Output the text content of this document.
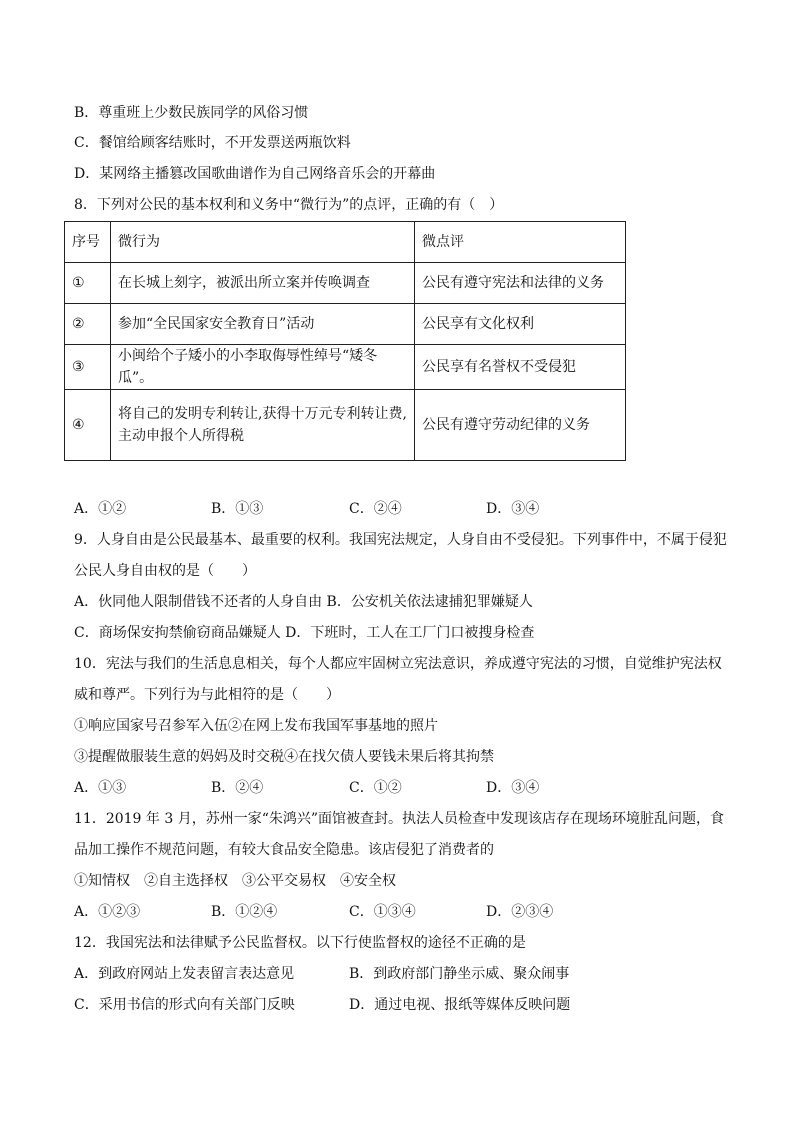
B．尊重班上少数民族同学的风俗习惯
C．餐馆给顾客结账时，不开发票送两瓶饮料
D．某网络主播篡改国歌曲谱作为自己网络音乐会的开幕曲
8．下列对公民的基本权利和义务中“微行为”的点评，正确的有（　）
序号	微行为	微点评
①	在长城上刻字，被派出所立案并传唤调查	公民有遵守宪法和法律的义务
②	参加“全民国家安全教育日”活动	公民享有文化权利
③	小闽给个子矮小的小李取侮辱性绰号“矮冬瓜”。	公民享有名誉权不受侵犯
④	将自己的发明专利转让,获得十万元专利转让费,
主动申报个人所得税	公民有遵守劳动纪律的义务
A．①②	B．①③	C．②④	D．③④
9．人身自由是公民最基本、最重要的权利。我国宪法规定，人身自由不受侵犯。下列事件中，不属于侵犯
公民人身自由权的是（　　）
A．伙同他人限制借钱不还者的人身自由 B．公安机关依法逮捕犯罪嫌疑人
C．商场保安拘禁偷窃商品嫌疑人 D．下班时，工人在工厂门口被搜身检查
10．宪法与我们的生活息息相关，每个人都应牢固树立宪法意识，养成遵守宪法的习惯，自觉维护宪法权
威和尊严。下列行为与此相符的是（　　）
①响应国家号召参军入伍②在网上发布我国军事基地的照片
③提醒做服装生意的妈妈及时交税④在找欠债人要钱未果后将其拘禁
A．①③	B．②④	C．①②	D．③④
11．2019 年 3 月，苏州一家“朱鸿兴”面馆被查封。执法人员检查中发现该店存在现场环境脏乱问题，食
品加工操作不规范问题，有较大食品安全隐患。该店侵犯了消费者的
①知情权　②自主选择权　③公平交易权　④安全权
A．①②③	B．①②④	C．①③④	D．②③④
12．我国宪法和法律赋予公民监督权。以下行使监督权的途径不正确的是
A．到政府网站上发表留言表达意见	B．到政府部门静坐示威、聚众闹事
C．采用书信的形式向有关部门反映	D．通过电视、报纸等媒体反映问题
